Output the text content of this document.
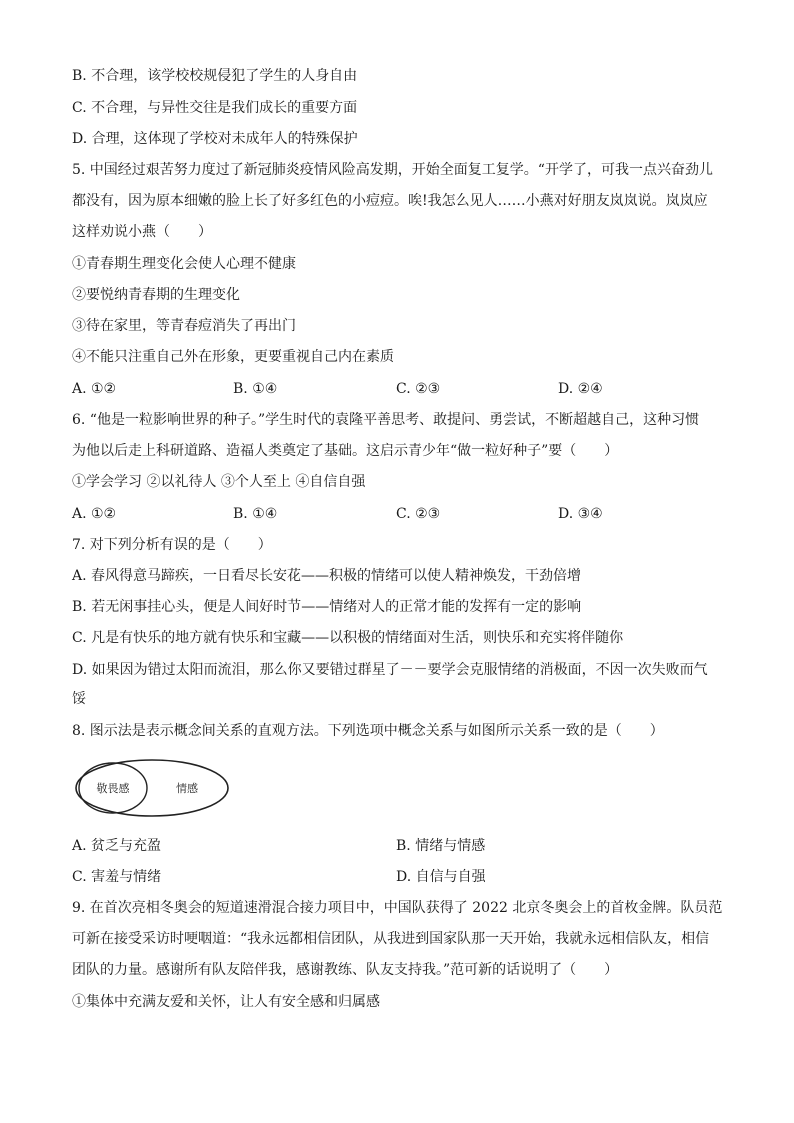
B. 不合理，该学校校规侵犯了学生的人身自由
C. 不合理，与异性交往是我们成长的重要方面
D. 合理，这体现了学校对未成年人的特殊保护
5. 中国经过艰苦努力度过了新冠肺炎疫情风险高发期，开始全面复工复学。“开学了，可我一点兴奋劲儿
都没有，因为原本细嫩的脸上长了好多红色的小痘痘。唉!我怎么见人……小燕对好朋友岚岚说。岚岚应
这样劝说小燕（　　）
①青春期生理变化会使人心理不健康
②要悦纳青春期的生理变化
③待在家里，等青春痘消失了再出门
④不能只注重自己外在形象，更要重视自己内在素质
A. ①②	B. ①④	C. ②③	D. ②④
6. “他是一粒影响世界的种子。”学生时代的袁隆平善思考、敢提问、勇尝试，不断超越自己，这种习惯
为他以后走上科研道路、造福人类奠定了基础。这启示青少年“做一粒好种子”要（　　）
①学会学习 ②以礼待人 ③个人至上 ④自信自强
A. ①②	B. ①④	C. ②③	D. ③④
7. 对下列分析有误的是（　　）
A. 春风得意马蹄疾，一日看尽长安花——积极的情绪可以使人精神焕发，干劲倍增
B. 若无闲事挂心头，便是人间好时节——情绪对人的正常才能的发挥有一定的影响
C. 凡是有快乐的地方就有快乐和宝藏——以积极的情绪面对生活，则快乐和充实将伴随你
D. 如果因为错过太阳而流泪，那么你又要错过群星了－－要学会克服情绪的消极面，不因一次失败而气
馁
8. 图示法是表示概念间关系的直观方法。下列选项中概念关系与如图所示关系一致的是（　　）
敬畏感	情感
A. 贫乏与充盈	B. 情绪与情感
C. 害羞与情绪	D. 自信与自强
9. 在首次亮相冬奥会的短道速滑混合接力项目中，中国队获得了 2022 北京冬奥会上的首枚金牌。队员范
可新在接受采访时哽咽道：“我永远都相信团队，从我进到国家队那一天开始，我就永远相信队友，相信
团队的力量。感谢所有队友陪伴我，感谢教练、队友支持我。”范可新的话说明了（　　）
①集体中充满友爱和关怀，让人有安全感和归属感
